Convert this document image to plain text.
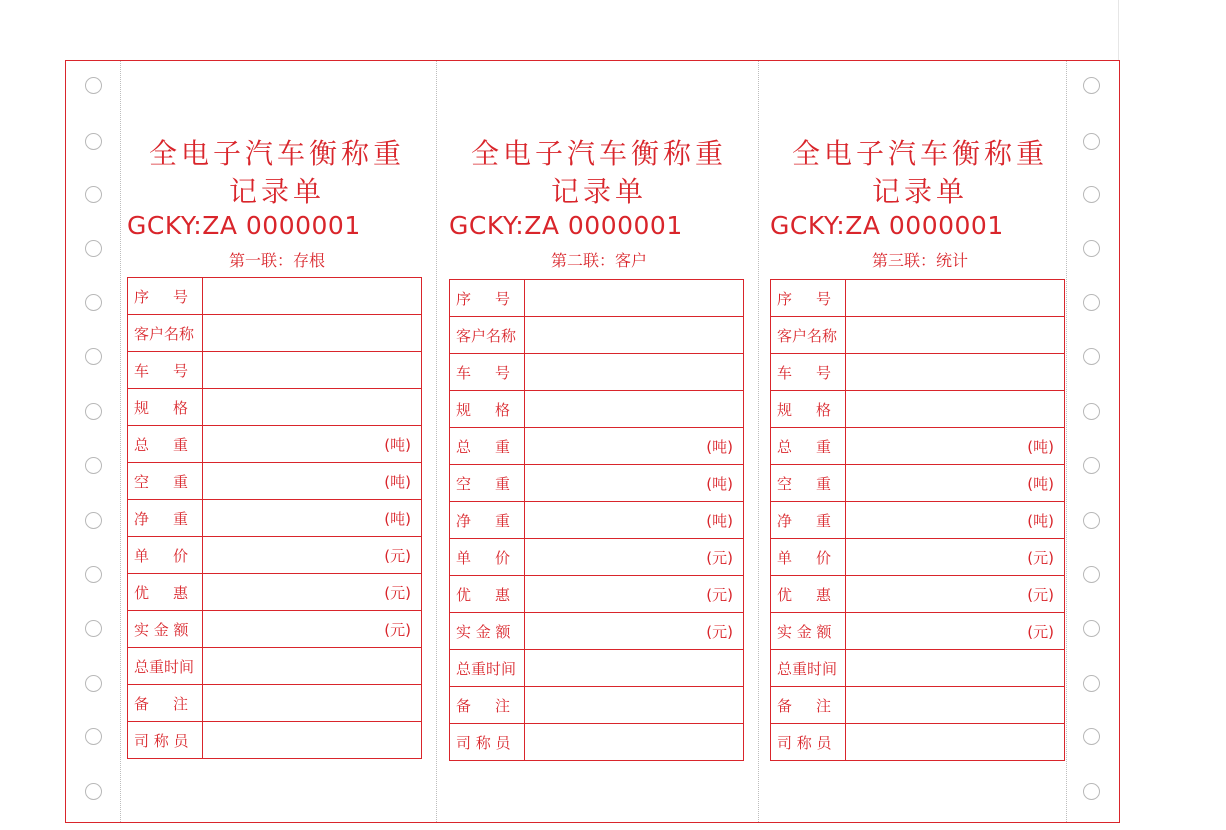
全电子汽车衡称重
记录单
GCKY:ZA 0000001
第一联：存根
序 号	
客户名称	
车 号	
规 格	
总 重	(吨)
空 重	(吨)
净 重	(吨)
单 价	(元)
优 惠	(元)
实 金 额	(元)
总重时间	
备 注	
司 称 员	
全电子汽车衡称重
记录单
GCKY:ZA 0000001
第二联：客户
序 号	
客户名称	
车 号	
规 格	
总 重	(吨)
空 重	(吨)
净 重	(吨)
单 价	(元)
优 惠	(元)
实 金 额	(元)
总重时间	
备 注	
司 称 员	
全电子汽车衡称重
记录单
GCKY:ZA 0000001
第三联：统计
序 号	
客户名称	
车 号	
规 格	
总 重	(吨)
空 重	(吨)
净 重	(吨)
单 价	(元)
优 惠	(元)
实 金 额	(元)
总重时间	
备 注	
司 称 员	
